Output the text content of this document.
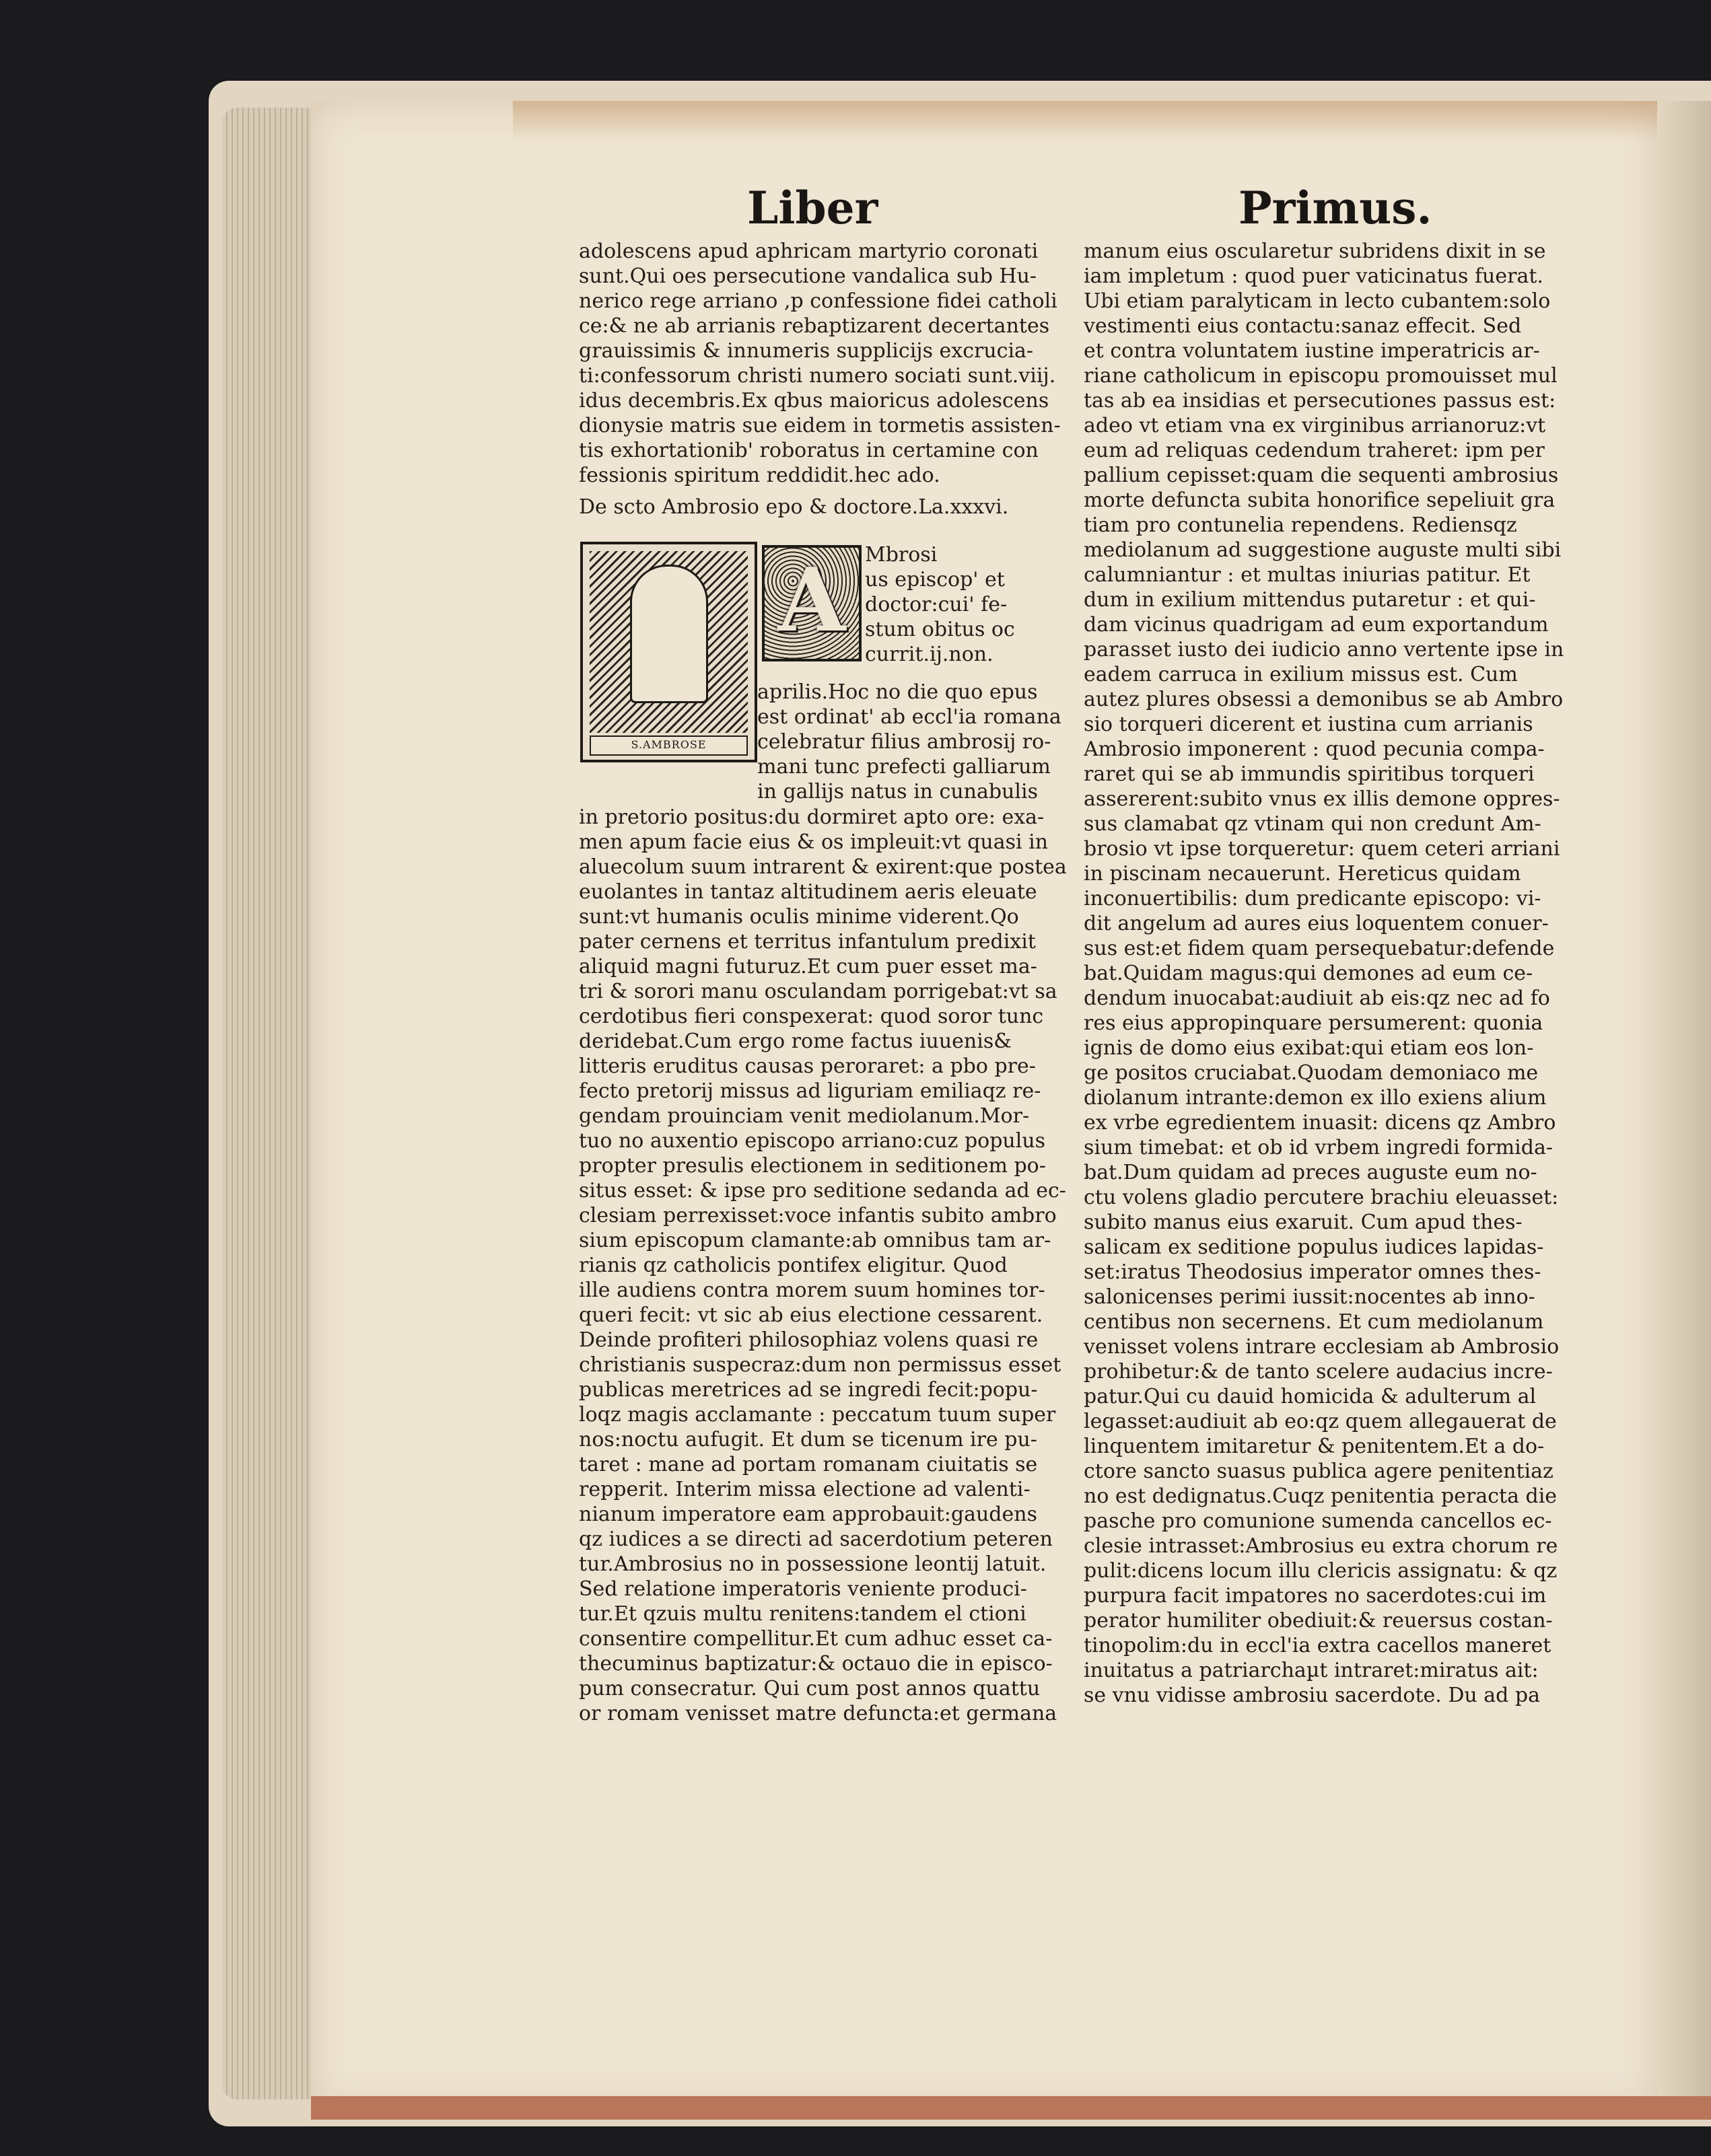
Liber	Primus.
adolescens apud aphricam martyrio coronati
sunt.Qui oes persecutione vandalica sub Hu-
nerico rege arriano ,p confessione fidei catholi
ce:& ne ab arrianis rebaptizarent decertantes
grauissimis & innumeris supplicijs excrucia-
ti:confessorum christi numero sociati sunt.viij.
idus decembris.Ex qbus maioricus adolescens
dionysie matris sue eidem in tormetis assisten-
tis exhortationib' roboratus in certamine con
fessionis spiritum reddidit.hec ado.
De scto Ambrosio epo & doctore.La.xxxvi.
S.AMBROSE
A Mbrosi
us episcop' et
doctor:cui' fe-
stum obitus oc
currit.ij.non.
aprilis.Hoc no die quo epus
est ordinat' ab eccl'ia romana
celebratur filius ambrosij ro-
mani tunc prefecti galliarum
in gallijs natus in cunabulis
in pretorio positus:du dormiret apto ore: exa-
men apum facie eius & os impleuit:vt quasi in
aluecolum suum intrarent & exirent:que postea
euolantes in tantaz altitudinem aeris eleuate
sunt:vt humanis oculis minime viderent.Qo
pater cernens et territus infantulum predixit
aliquid magni futuruz.Et cum puer esset ma-
tri & sorori manu osculandam porrigebat:vt sa
cerdotibus fieri conspexerat: quod soror tunc
deridebat.Cum ergo rome factus iuuenis&
litteris eruditus causas peroraret: a pbo pre-
fecto pretorij missus ad liguriam emiliaqz re-
gendam prouinciam venit mediolanum.Mor-
tuo no auxentio episcopo arriano:cuz populus
propter presulis electionem in seditionem po-
situs esset: & ipse pro seditione sedanda ad ec-
clesiam perrexisset:voce infantis subito ambro
sium episcopum clamante:ab omnibus tam ar-
rianis qz catholicis pontifex eligitur. Quod
ille audiens contra morem suum homines tor-
queri fecit: vt sic ab eius electione cessarent.
Deinde profiteri philosophiaz volens quasi re
christianis suspecraz:dum non permissus esset
publicas meretrices ad se ingredi fecit:popu-
loqz magis acclamante : peccatum tuum super
nos:noctu aufugit. Et dum se ticenum ire pu-
taret : mane ad portam romanam ciuitatis se
repperit. Interim missa electione ad valenti-
nianum imperatore eam approbauit:gaudens
qz iudices a se directi ad sacerdotium peteren
tur.Ambrosius no in possessione leontij latuit.
Sed relatione imperatoris veniente produci-
tur.Et qzuis multu renitens:tandem el ctioni
consentire compellitur.Et cum adhuc esset ca-
thecuminus baptizatur:& octauo die in episco-
pum consecratur. Qui cum post annos quattu
or romam venisset matre defuncta:et germana
manum eius oscularetur subridens dixit in se
iam impletum : quod puer vaticinatus fuerat.
Ubi etiam paralyticam in lecto cubantem:solo
vestimenti eius contactu:sanaz effecit. Sed
et contra voluntatem iustine imperatricis ar-
riane catholicum in episcopu promouisset mul
tas ab ea insidias et persecutiones passus est:
adeo vt etiam vna ex virginibus arrianoruz:vt
eum ad reliquas cedendum traheret: ipm per
pallium cepisset:quam die sequenti ambrosius
morte defuncta subita honorifice sepeliuit gra
tiam pro contunelia rependens. Rediensqz
mediolanum ad suggestione auguste multi sibi
calumniantur : et multas iniurias patitur. Et
dum in exilium mittendus putaretur : et qui-
dam vicinus quadrigam ad eum exportandum
parasset iusto dei iudicio anno vertente ipse in
eadem carruca in exilium missus est. Cum
autez plures obsessi a demonibus se ab Ambro
sio torqueri dicerent et iustina cum arrianis
Ambrosio imponerent : quod pecunia compa-
raret qui se ab immundis spiritibus torqueri
assererent:subito vnus ex illis demone oppres-
sus clamabat qz vtinam qui non credunt Am-
brosio vt ipse torqueretur: quem ceteri arriani
in piscinam necauerunt. Hereticus quidam
inconuertibilis: dum predicante episcopo: vi-
dit angelum ad aures eius loquentem conuer-
sus est:et fidem quam persequebatur:defende
bat.Quidam magus:qui demones ad eum ce-
dendum inuocabat:audiuit ab eis:qz nec ad fo
res eius appropinquare persumerent: quonia
ignis de domo eius exibat:qui etiam eos lon-
ge positos cruciabat.Quodam demoniaco me
diolanum intrante:demon ex illo exiens alium
ex vrbe egredientem inuasit: dicens qz Ambro
sium timebat: et ob id vrbem ingredi formida-
bat.Dum quidam ad preces auguste eum no-
ctu volens gladio percutere brachiu eleuasset:
subito manus eius exaruit. Cum apud thes-
salicam ex seditione populus iudices lapidas-
set:iratus Theodosius imperator omnes thes-
salonicenses perimi iussit:nocentes ab inno-
centibus non secernens. Et cum mediolanum
venisset volens intrare ecclesiam ab Ambrosio
prohibetur:& de tanto scelere audacius incre-
patur.Qui cu dauid homicida & adulterum al
legasset:audiuit ab eo:qz quem allegauerat de
linquentem imitaretur & penitentem.Et a do-
ctore sancto suasus publica agere penitentiaz
no est dedignatus.Cuqz penitentia peracta die
pasche pro comunione sumenda cancellos ec-
clesie intrasset:Ambrosius eu extra chorum re
pulit:dicens locum illu clericis assignatu: & qz
purpura facit impatores no sacerdotes:cui im
perator humiliter obediuit:& reuersus costan-
tinopolim:du in eccl'ia extra cacellos maneret
inuitatus a patriarchaµt intraret:miratus ait:
se vnu vidisse ambrosiu sacerdote. Du ad pa
